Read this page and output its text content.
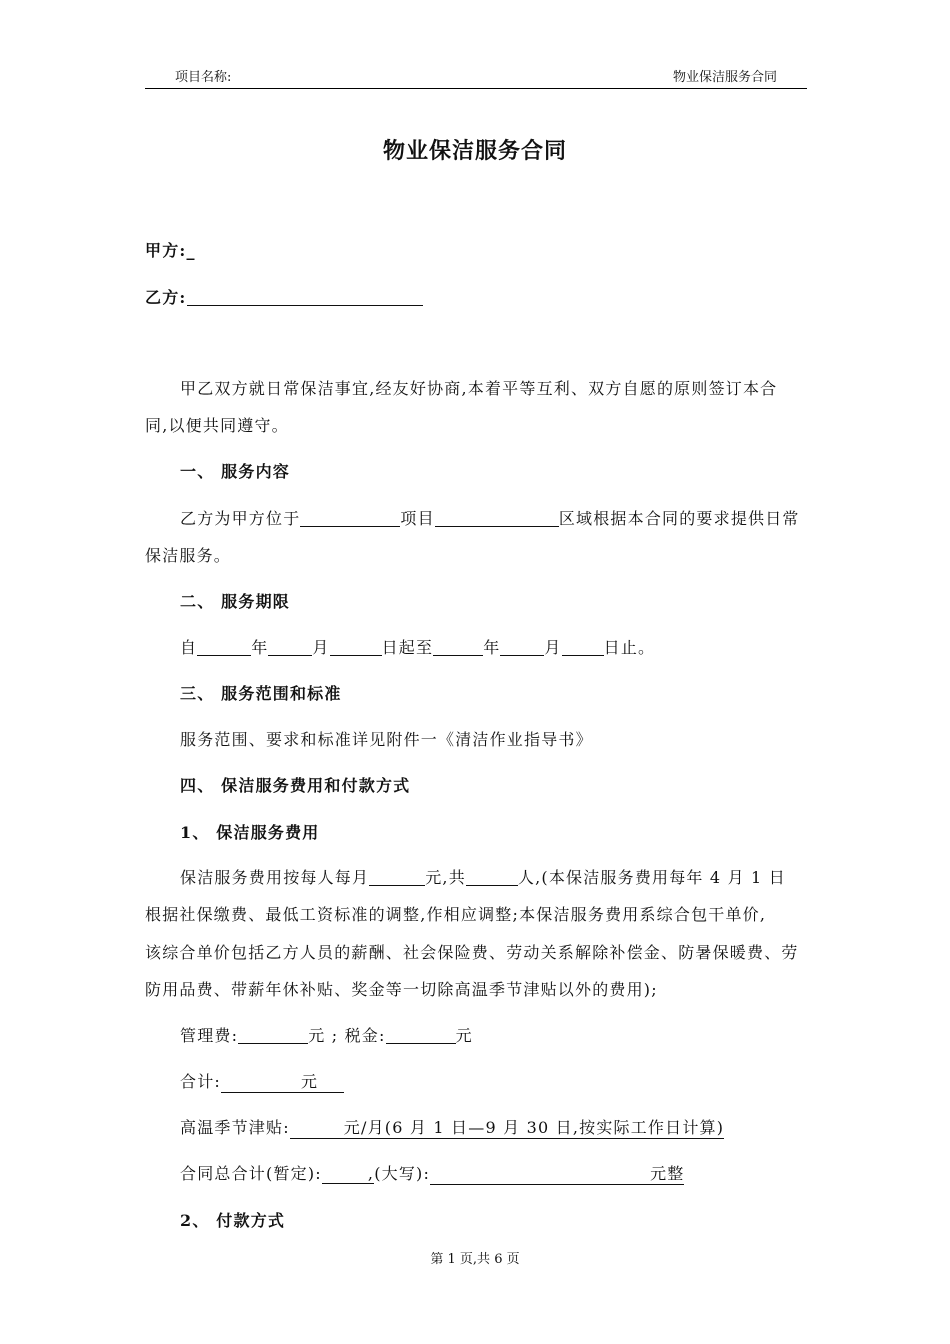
项目名称:	物业保洁服务合同
物业保洁服务合同
甲方:_
乙方:
甲乙双方就日常保洁事宜,经友好协商,本着平等互利、双方自愿的原则签订本合
同,以便共同遵守。
一、 服务内容
乙方为甲方位于	项目	区域根据本合同的要求提供日常
保洁服务。
二、 服务期限
自	年	月	日起至	年	月	日止。
三、 服务范围和标准
服务范围、要求和标准详见附件一《清洁作业指导书》
四、 保洁服务费用和付款方式
1、 保洁服务费用
保洁服务费用按每人每月	元,共	人,(本保洁服务费用每年 4 月 1 日
根据社保缴费、最低工资标准的调整,作相应调整;本保洁服务费用系综合包干单价,
该综合单价包括乙方人员的薪酬、社会保险费、劳动关系解除补偿金、防暑保暖费、劳
防用品费、带薪年休补贴、奖金等一切除高温季节津贴以外的费用);
管理费:	元 ; 税金:	元
合计:	元
高温季节津贴:	元/月(6 月 1 日—9 月 30 日,按实际工作日计算)
合同总合计(暂定):	,(大写):	元整
2、 付款方式
第 1 页,共 6 页
